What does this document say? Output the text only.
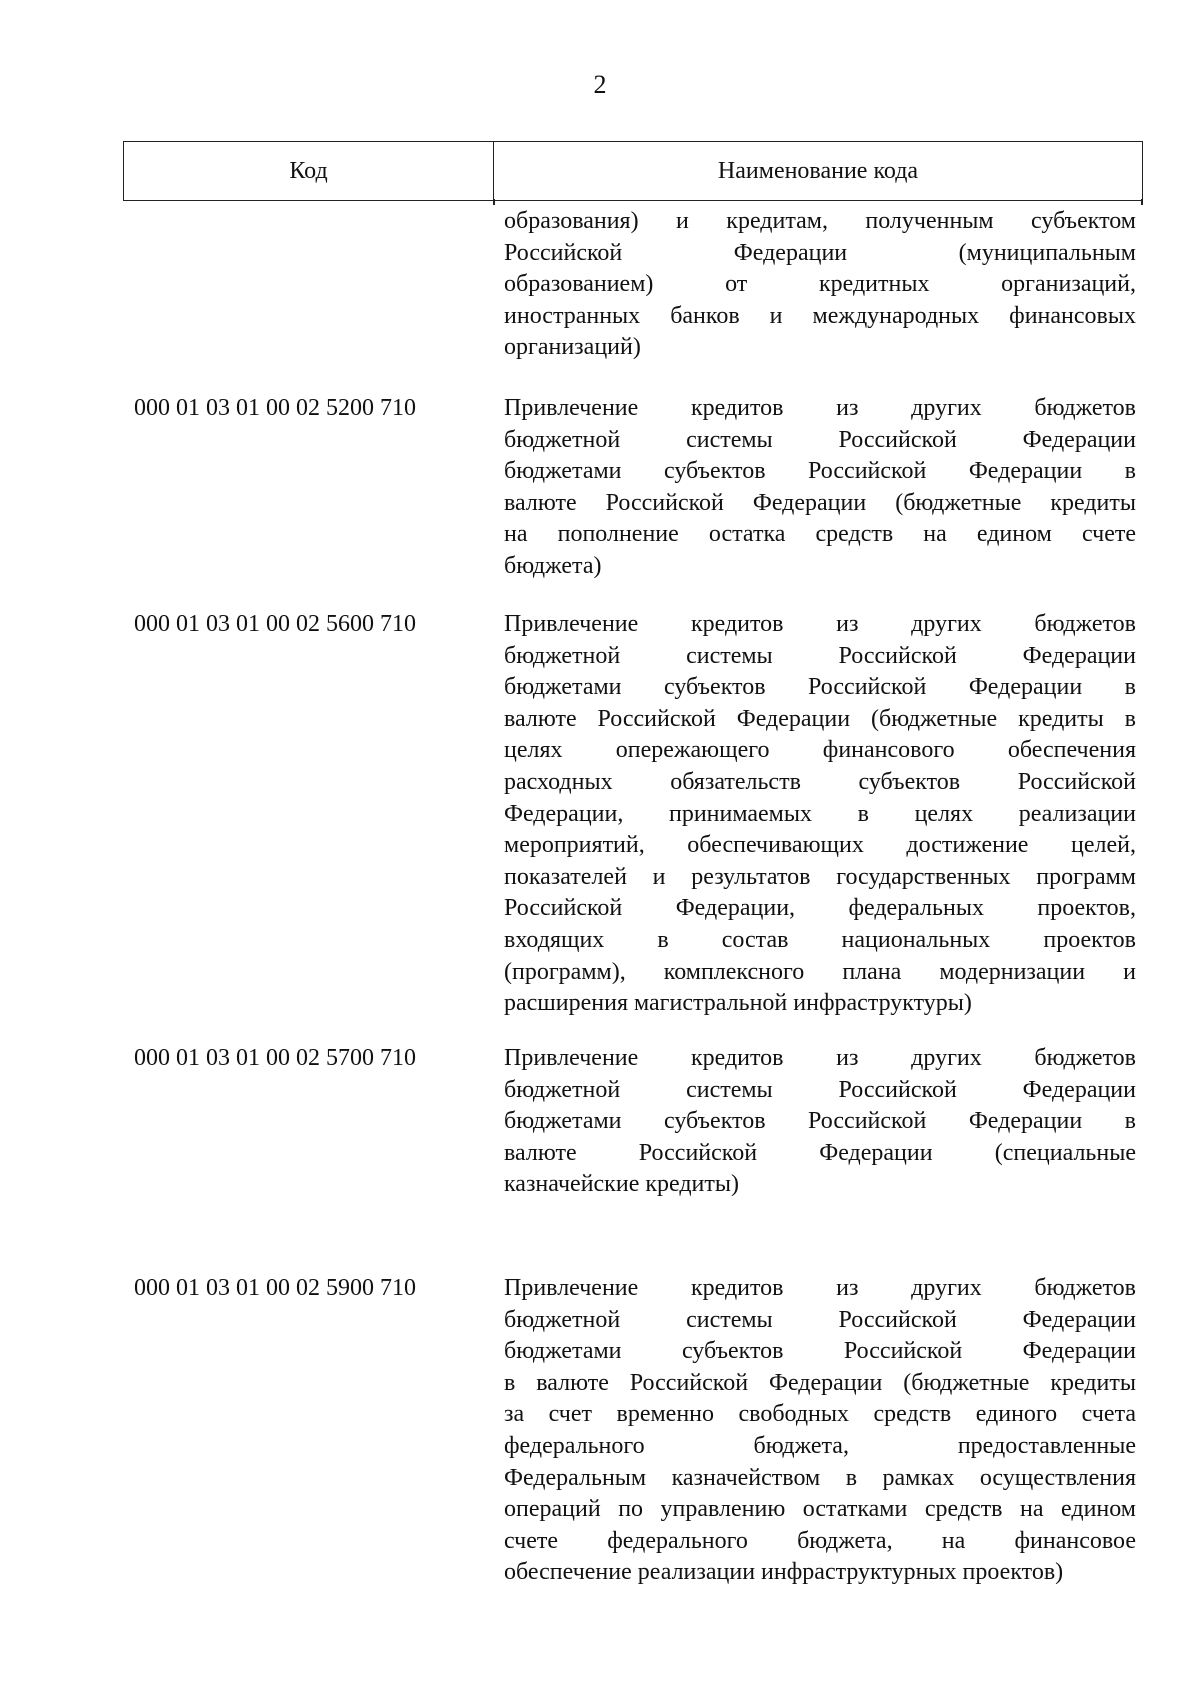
2
Код	Наименование кода
образования) и кредитам, полученным субъектом
Российской Федерации (муниципальным
образованием) от кредитных организаций,
иностранных банков и международных финансовых
организаций)
000 01 03 01 00 02 5200 710	Привлечение кредитов из других бюджетов
бюджетной системы Российской Федерации
бюджетами субъектов Российской Федерации в
валюте Российской Федерации (бюджетные кредиты
на пополнение остатка средств на едином счете
бюджета)
000 01 03 01 00 02 5600 710	Привлечение кредитов из других бюджетов
бюджетной системы Российской Федерации
бюджетами субъектов Российской Федерации в
валюте Российской Федерации (бюджетные кредиты в
целях опережающего финансового обеспечения
расходных обязательств субъектов Российской
Федерации, принимаемых в целях реализации
мероприятий, обеспечивающих достижение целей,
показателей и результатов государственных программ
Российской Федерации, федеральных проектов,
входящих в состав национальных проектов
(программ), комплексного плана модернизации и
расширения магистральной инфраструктуры)
000 01 03 01 00 02 5700 710	Привлечение кредитов из других бюджетов
бюджетной системы Российской Федерации
бюджетами субъектов Российской Федерации в
валюте Российской Федерации (специальные
казначейские кредиты)
000 01 03 01 00 02 5900 710	Привлечение кредитов из других бюджетов
бюджетной системы Российской Федерации
бюджетами субъектов Российской Федерации
в валюте Российской Федерации (бюджетные кредиты
за счет временно свободных средств единого счета
федерального бюджета, предоставленные
Федеральным казначейством в рамках осуществления
операций по управлению остатками средств на едином
счете федерального бюджета, на финансовое
обеспечение реализации инфраструктурных проектов)
